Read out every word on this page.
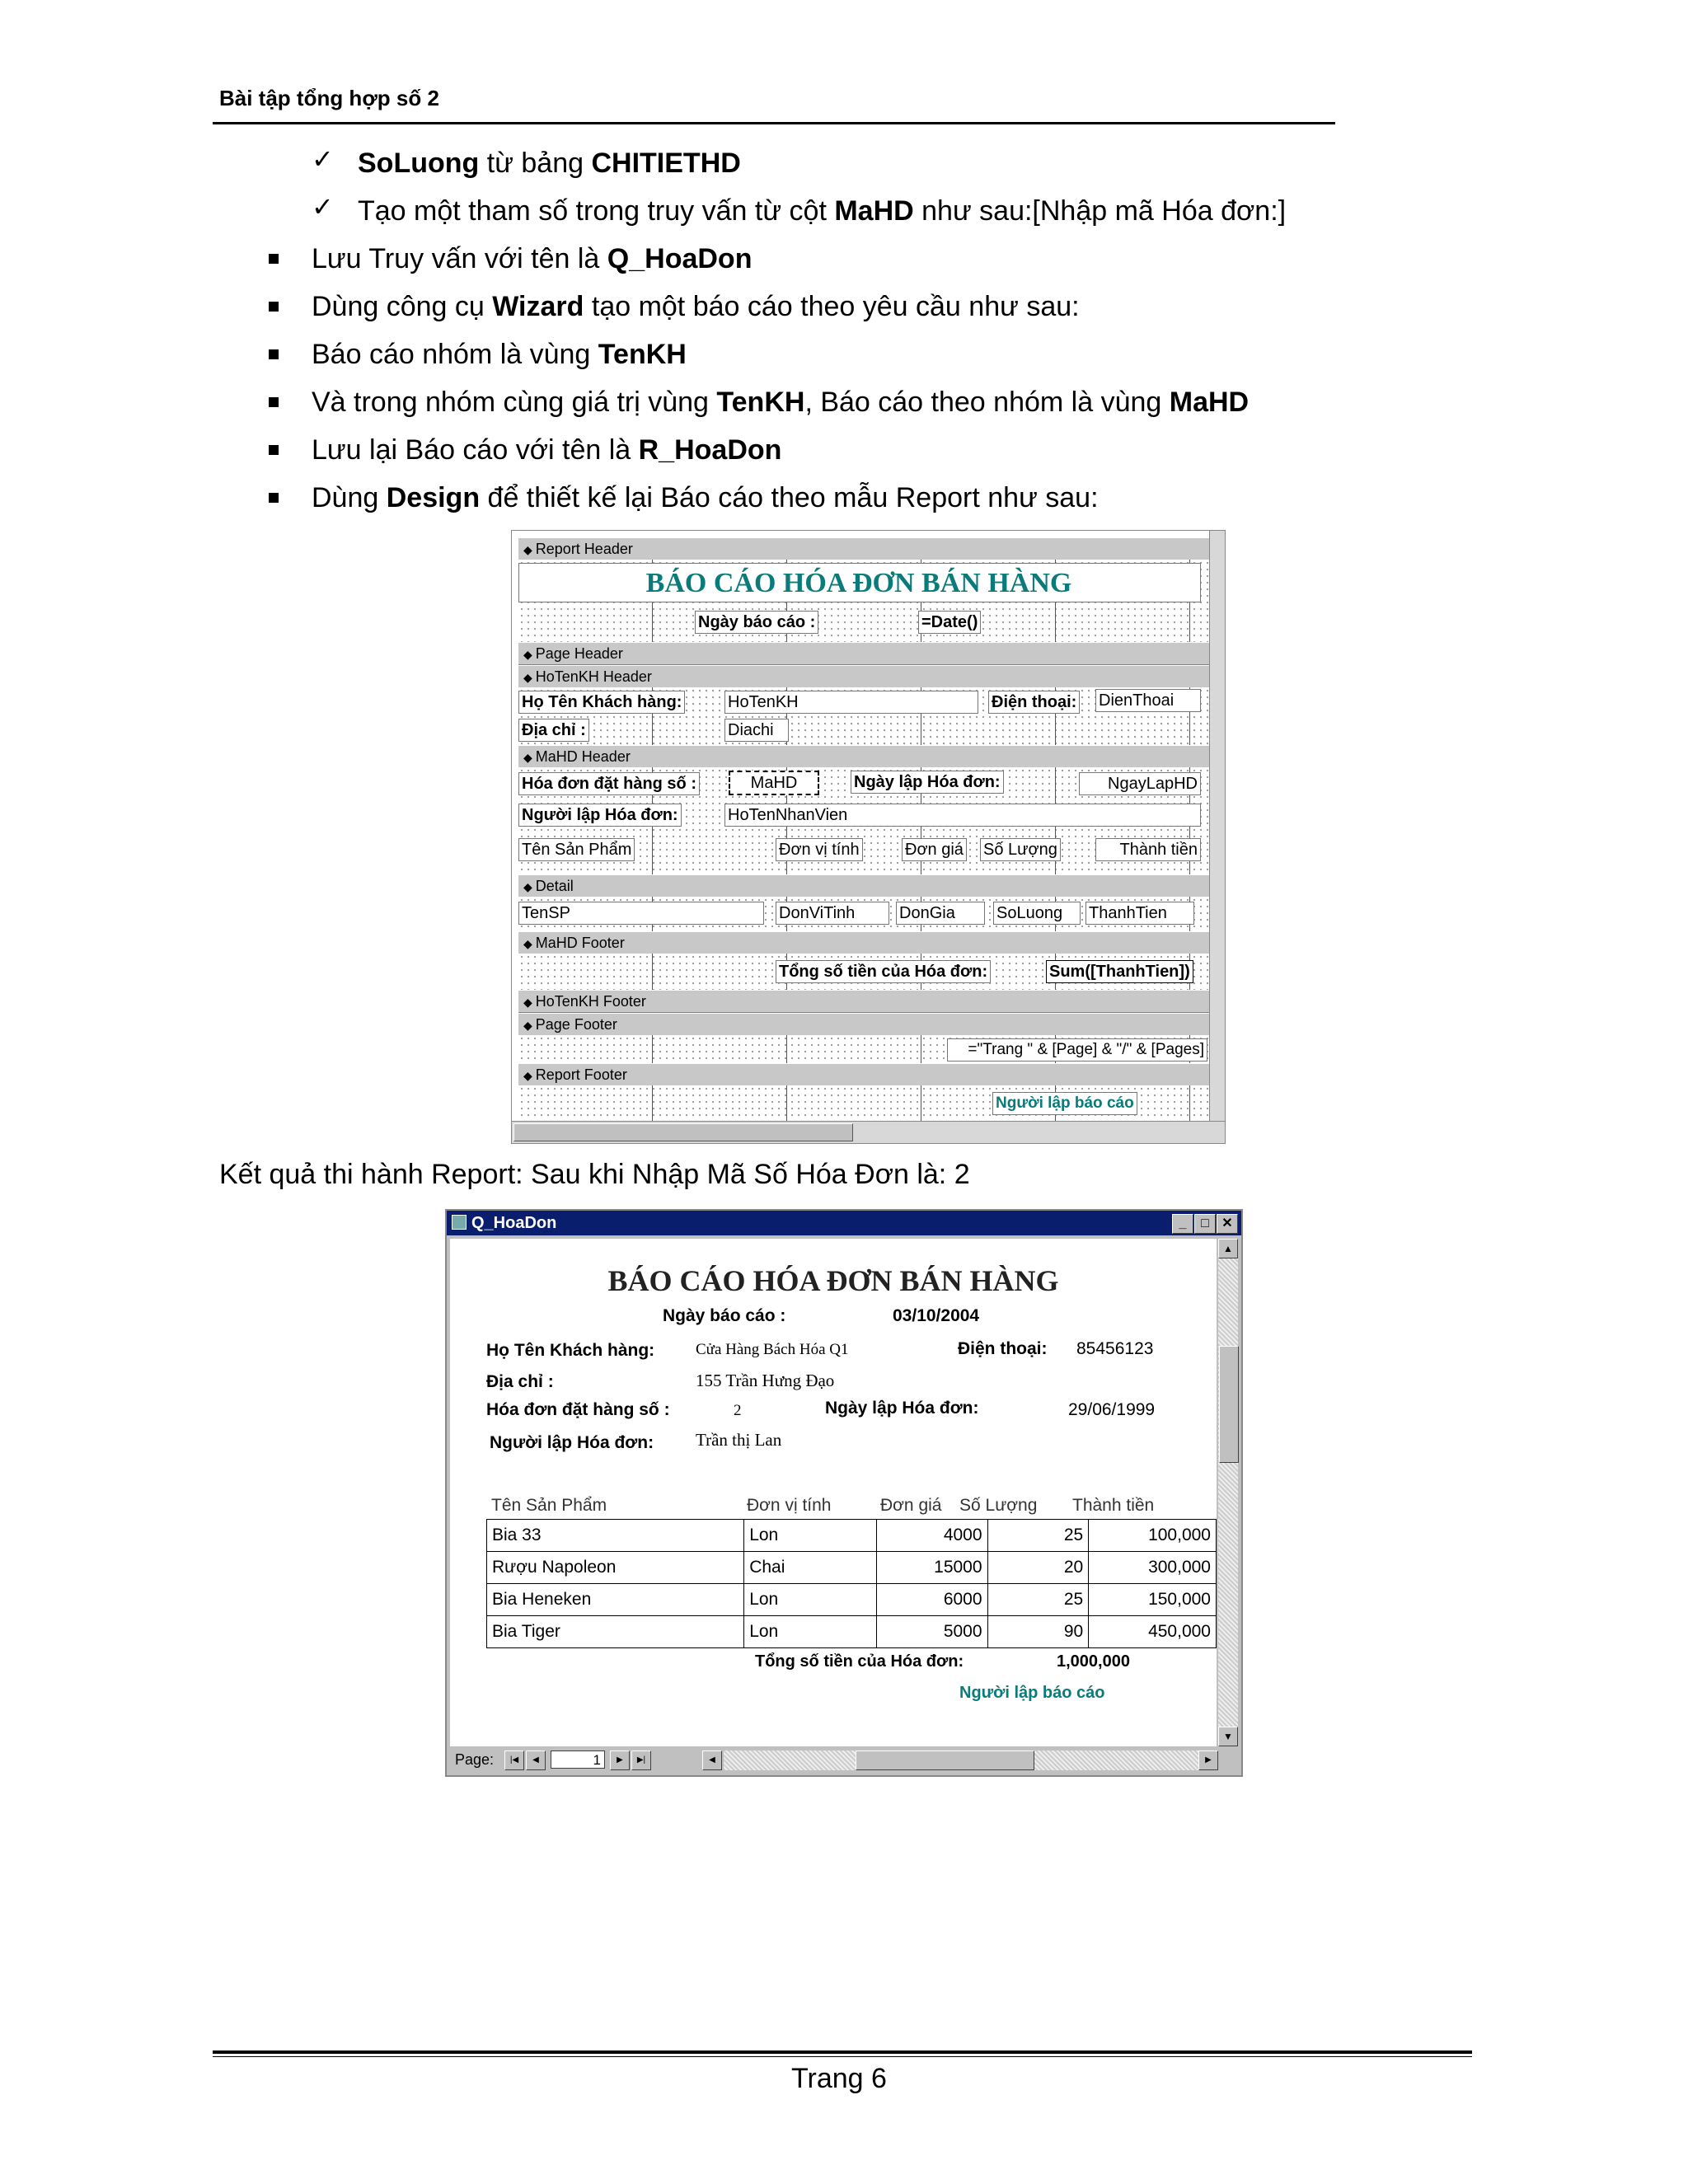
Bài tập tổng hợp số 2
✓ SoLuong từ bảng CHITIETHD
✓ Tạo một tham số trong truy vấn từ cột MaHD như sau:[Nhập mã Hóa đơn:]
Lưu Truy vấn với tên là Q_HoaDon
Dùng công cụ Wizard tạo một báo cáo theo yêu cầu như sau:
Báo cáo nhóm là vùng TenKH
Và trong nhóm cùng giá trị vùng TenKH, Báo cáo theo nhóm là vùng MaHD
Lưu lại Báo cáo với tên là R_HoaDon
Dùng Design để thiết kế lại Báo cáo theo mẫu Report như sau:
◆ Report Header
BÁO CÁO HÓA ĐƠN BÁN HÀNG
Ngày báo cáo :	=Date()
◆ Page Header
◆ HoTenKH Header
Họ Tên Khách hàng:	HoTenKH	Điện thoại: DienThoai
Địa chỉ :	Diachi
◆ MaHD Header
Hóa đơn đặt hàng số :	MaHD	Ngày lập Hóa đơn:	NgayLapHD
Người lập Hóa đơn:	HoTenNhanVien
Tên Sản Phẩm	Đơn vị tính	Đơn giá Số Lượng	Thành tiền
◆ Detail
TenSP	DonViTinh	DonGia	SoLuong	ThanhTien
◆ MaHD Footer
Tổng số tiền của Hóa đơn:	Sum([ThanhTien])
◆ HoTenKH Footer
◆ Page Footer
="Trang " & [Page] & "/" & [Pages]
◆ Report Footer
Người lập báo cáo
Kết quả thi hành Report: Sau khi Nhập Mã Số Hóa Đơn là: 2
Q_HoaDon	_	□ ✕
BÁO CÁO HÓA ĐƠN BÁN HÀNG
Ngày báo cáo :	03/10/2004
Họ Tên Khách hàng:	Cửa Hàng Bách Hóa Q1	Điện thoại: 85456123
Địa chỉ :	155 Trần Hưng Đạo
Hóa đơn đặt hàng số :	2	Ngày lập Hóa đơn:	29/06/1999
Người lập Hóa đơn: Trần thị Lan
Tên Sản Phẩm	Đơn vị tính	Đơn giá Số Lượng Thành tiền
Bia 33	Lon	4000	25	100,000
Rượu Napoleon	Chai	15000	20	300,000
Bia Heneken	Lon	6000	25	150,000
Bia Tiger	Lon	5000	90	450,000
Tổng số tiền của Hóa đơn:	1,000,000
Người lập báo cáo
▲
▼
Page:	|◀	◀	1	▶	▶|	◀	▶
Trang 6
